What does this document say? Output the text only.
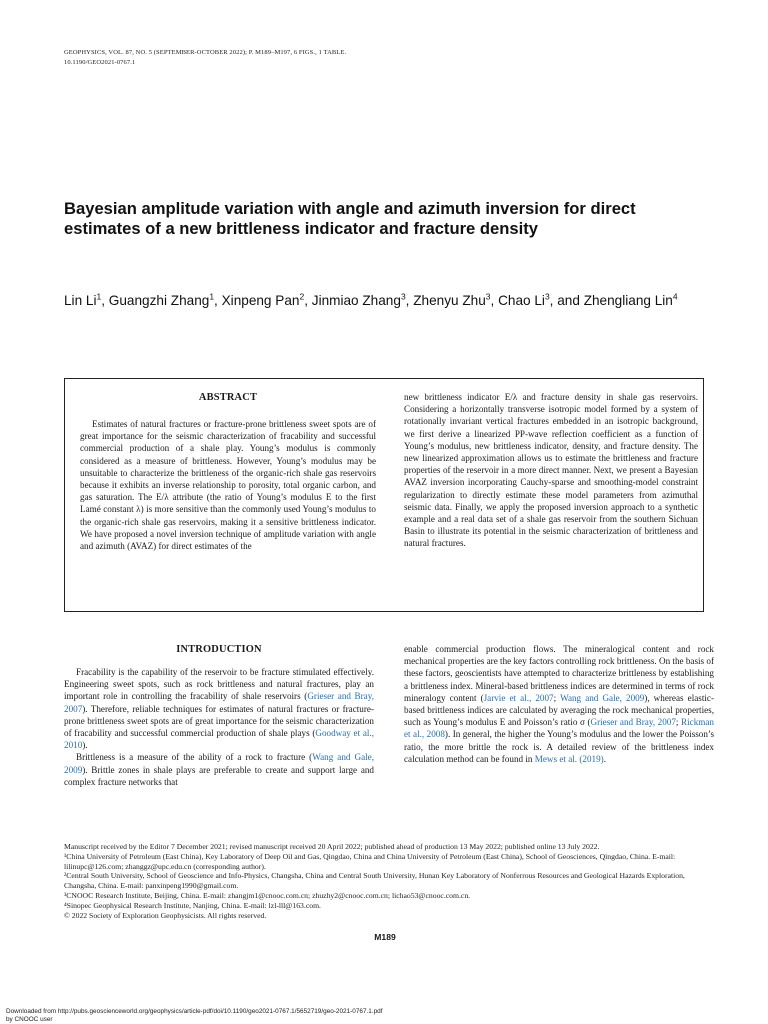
GEOPHYSICS, VOL. 87, NO. 5 (SEPTEMBER-OCTOBER 2022); P. M189–M197, 6 FIGS., 1 TABLE.
10.1190/GEO2021-0767.1
Bayesian amplitude variation with angle and azimuth inversion for direct estimates of a new brittleness indicator and fracture density
Lin Li$^1$, Guangzhi Zhang$^1$, Xinpeng Pan$^2$, Jinmiao Zhang$^3$, Zhenyu Zhu$^3$, Chao Li$^3$, and Zhengliang Lin$^4$
ABSTRACT

Estimates of natural fractures or fracture-prone brittleness sweet spots are of great importance for the seismic characterization of fracability and successful commercial production of a shale play. Young’s modulus is commonly considered as a measure of brittleness. However, Young’s modulus may be unsuitable to characterize the brittleness of the organic-rich shale gas reservoirs because it exhibits an inverse relationship to porosity, total organic carbon, and gas saturation. The E/λ attribute (the ratio of Young’s modulus E to the first Lamé constant λ) is more sensitive than the commonly used Young’s modulus to the organic-rich shale gas reservoirs, making it a sensitive brittleness indicator. We have proposed a novel inversion technique of amplitude variation with angle and azimuth (AVAZ) for direct estimates of the

new brittleness indicator E/λ and fracture density in shale gas reservoirs. Considering a horizontally transverse isotropic model formed by a system of rotationally invariant vertical fractures embedded in an isotropic background, we first derive a linearized PP-wave reflection coefficient as a function of Young’s modulus, new brittleness indicator, density, and fracture density. The new linearized approximation allows us to estimate the brittleness and fracture properties of the reservoir in a more direct manner. Next, we present a Bayesian AVAZ inversion incorporating Cauchy-sparse and smoothing-model constraint regularization to directly estimate these model parameters from azimuthal seismic data. Finally, we apply the proposed inversion approach to a synthetic example and a real data set of a shale gas reservoir from the southern Sichuan Basin to illustrate its potential in the seismic characterization of brittleness and natural fractures.

INTRODUCTION

Fracability is the capability of the reservoir to be fracture stimulated effectively. Engineering sweet spots, such as rock brittleness and natural fractures, play an important role in controlling the fracability of shale reservoirs (Grieser and Bray, 2007). Therefore, reliable techniques for estimates of natural fractures or fracture-prone brittleness sweet spots are of great importance for the seismic characterization of fracability and successful commercial production of shale plays (Goodway et al., 2010).

Brittleness is a measure of the ability of a rock to fracture (Wang and Gale, 2009). Brittle zones in shale plays are preferable to create and support large and complex fracture networks that

enable commercial production flows. The mineralogical content and rock mechanical properties are the key factors controlling rock brittleness. On the basis of these factors, geoscientists have attempted to characterize brittleness by establishing a brittleness index. Mineral-based brittleness indices are determined in terms of rock mineralogy content (Jarvie et al., 2007; Wang and Gale, 2009), whereas elastic-based brittleness indices are calculated by averaging the rock mechanical properties, such as Young’s modulus E and Poisson’s ratio σ (Grieser and Bray, 2007; Rickman et al., 2008). In general, the higher the Young’s modulus and the lower the Poisson’s ratio, the more brittle the rock is. A detailed review of the brittleness index calculation method can be found in Mews et al. (2019).

Manuscript received by the Editor 7 December 2021; revised manuscript received 20 April 2022; published ahead of production 13 May 2022; published online 13 July 2022.
¹China University of Petroleum (East China), Key Laboratory of Deep Oil and Gas, Qingdao, China and China University of Petroleum (East China), School of Geosciences, Qingdao, China. E-mail: lilinupc@126.com; zhanggz@upc.edu.cn (corresponding author).
²Central South University, School of Geoscience and Info-Physics, Changsha, China and Central South University, Hunan Key Laboratory of Nonferrous Resources and Geological Hazards Exploration, Changsha, China. E-mail: panxinpeng1990@gmail.com.
³CNOOC Research Institute, Beijing, China. E-mail: zhangjm1@cnooc.com.cn; zhuzhy2@cnooc.com.cn; lichao53@cnooc.com.cn.
⁴Sinopec Geophysical Research Institute, Nanjing, China. E-mail: lzl-lll@163.com.
© 2022 Society of Exploration Geophysicists. All rights reserved.
M189
Downloaded from http://pubs.geoscienceworld.org/geophysics/article-pdf/doi/10.1190/geo2021-0767.1/5652719/geo-2021-0767.1.pdf
by CNOOC user
